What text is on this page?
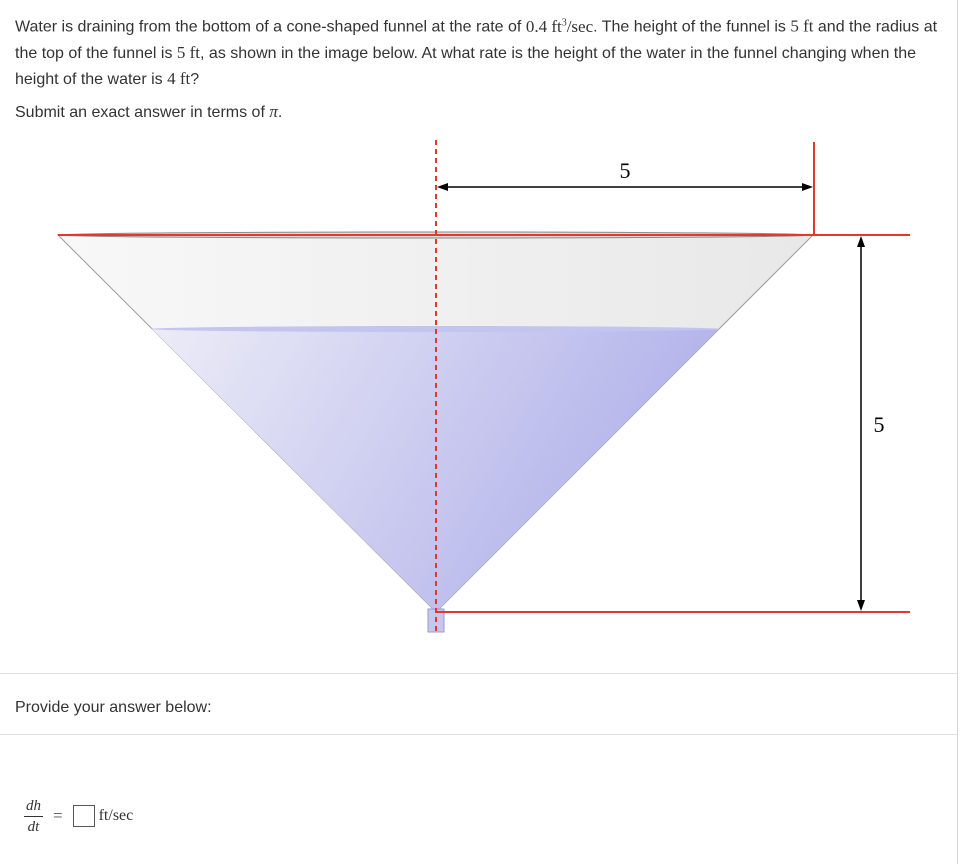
Water is draining from the bottom of a cone-shaped funnel at the rate of 0.4 $ft^3/\sec$. The height of the funnel is 5 ft and the radius at the top of the funnel is 5 ft, as shown in the image below. At what rate is the height of the water in the funnel changing when the height of the water is 4 ft?
Submit an exact answer in terms of π.
5
5
Provide your answer below:
$\frac{dh}{dt} = ft/\sec$
